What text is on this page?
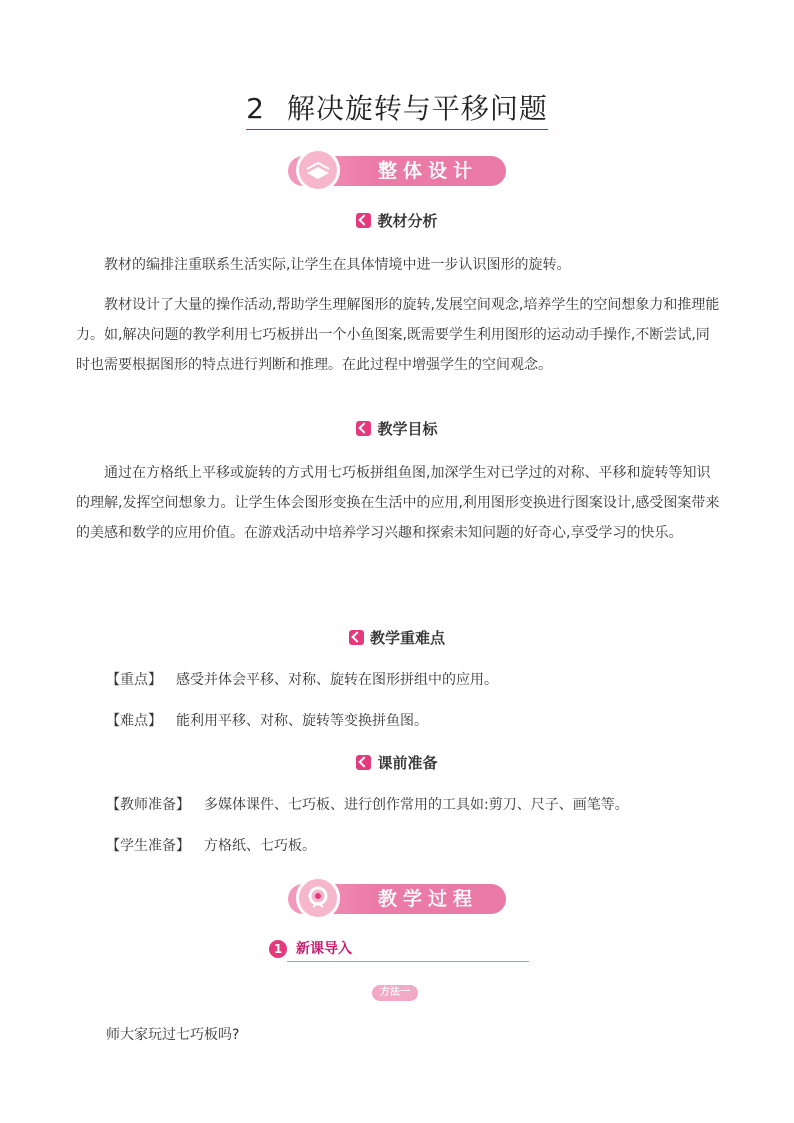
2 解决旋转与平移问题
整体设计
教材分析
教材的编排注重联系生活实际,让学生在具体情境中进一步认识图形的旋转。
教材设计了大量的操作活动,帮助学生理解图形的旋转,发展空间观念,培养学生的空间想象力和推理能力。如,解决问题的教学利用七巧板拼出一个小鱼图案,既需要学生利用图形的运动动手操作,不断尝试,同时也需要根据图形的特点进行判断和推理。在此过程中增强学生的空间观念。
教学目标
通过在方格纸上平移或旋转的方式用七巧板拼组鱼图,加深学生对已学过的对称、平移和旋转等知识的理解,发挥空间想象力。让学生体会图形变换在生活中的应用,利用图形变换进行图案设计,感受图案带来的美感和数学的应用价值。在游戏活动中培养学习兴趣和探索未知问题的好奇心,享受学习的快乐。
教学重难点
【重点】 感受并体会平移、对称、旋转在图形拼组中的应用。
【难点】 能利用平移、对称、旋转等变换拼鱼图。
课前准备
【教师准备】 多媒体课件、七巧板、进行创作常用的工具如:剪刀、尺子、画笔等。
【学生准备】 方格纸、七巧板。
教学过程
1 新课导入
方法一
师大家玩过七巧板吗?
